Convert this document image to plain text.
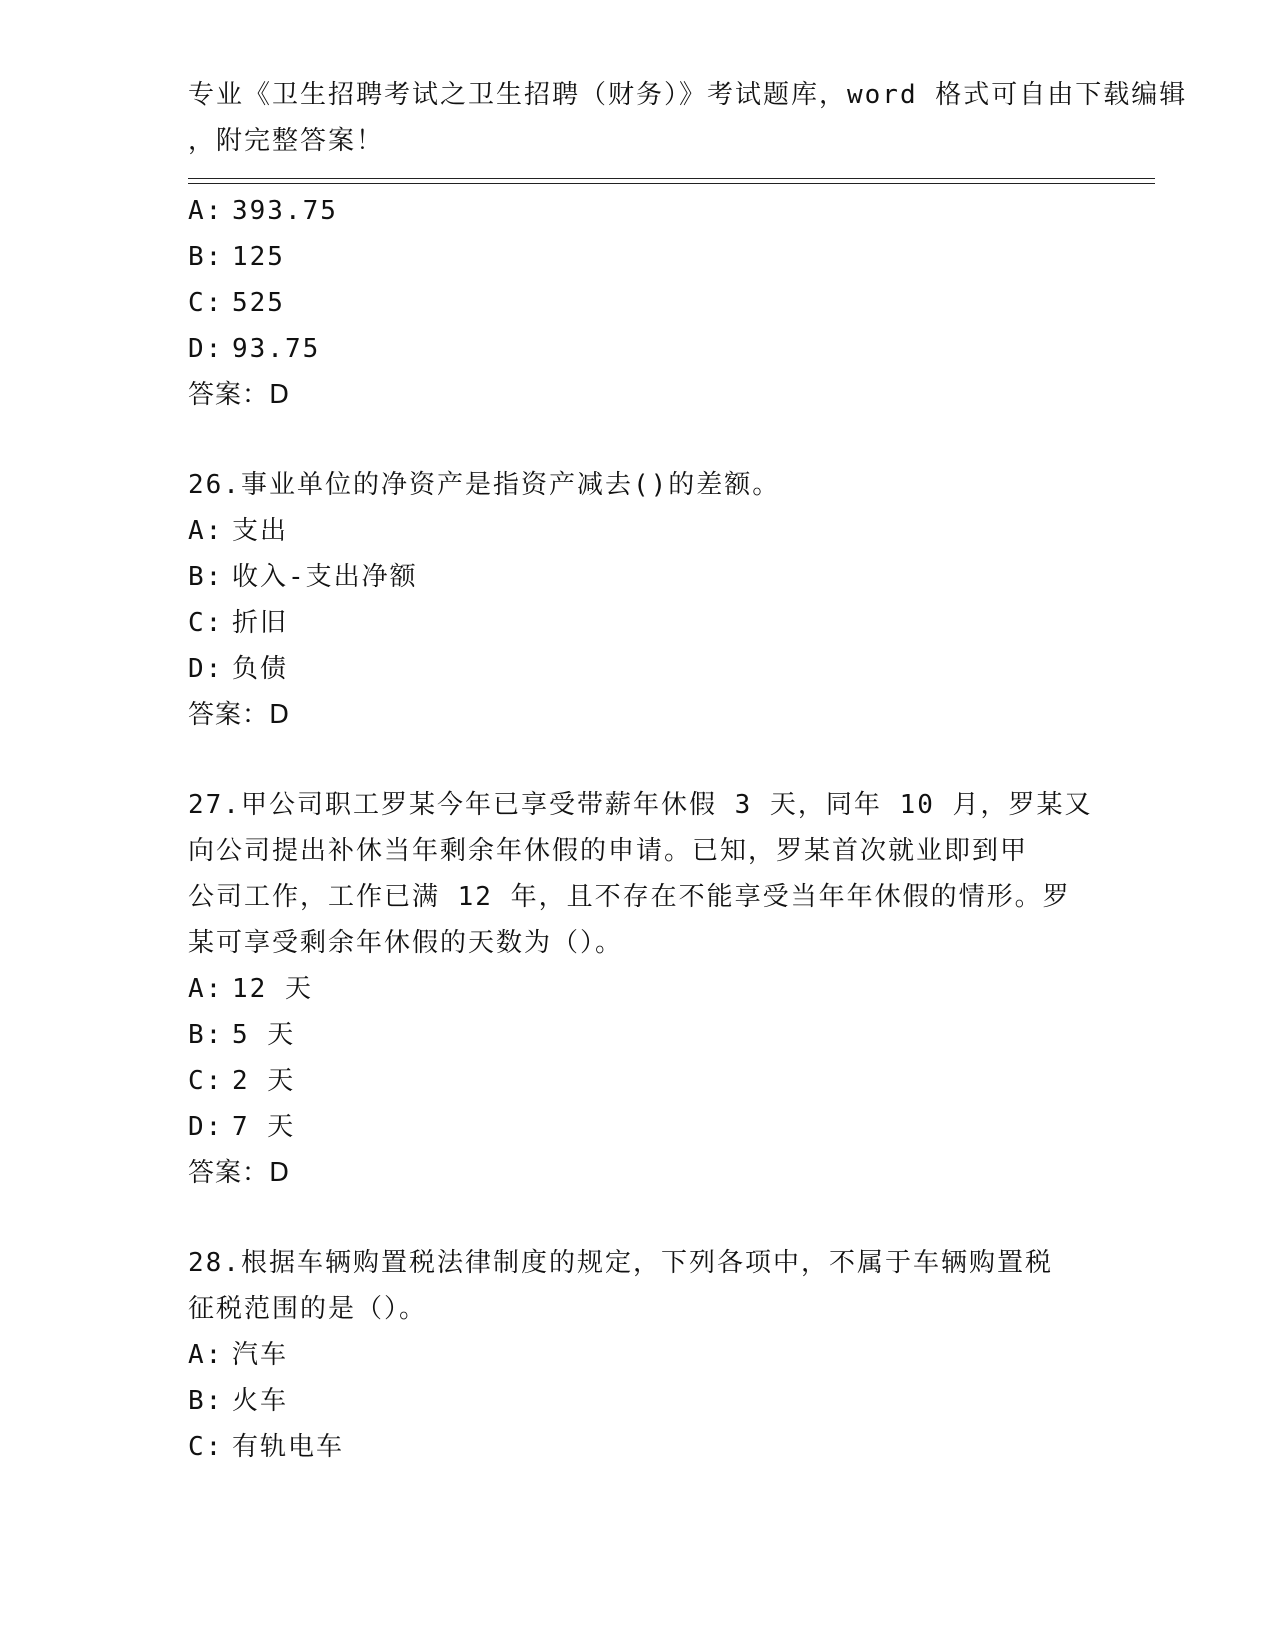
专业《卫生招聘考试之卫生招聘（财务）》考试题库，word 格式可自由下载编辑
，附完整答案！
A: 393.75
B: 125
C: 525
D: 93.75
答案：D
26.事业单位的净资产是指资产减去()的差额。
A: 支出
B: 收入-支出净额
C: 折旧
D: 负债
答案：D
27.甲公司职工罗某今年已享受带薪年休假 3 天，同年 10 月，罗某又
向公司提出补休当年剩余年休假的申请。已知，罗某首次就业即到甲
公司工作，工作已满 12 年，且不存在不能享受当年年休假的情形。罗
某可享受剩余年休假的天数为（）。
A: 12 天
B: 5 天
C: 2 天
D: 7 天
答案：D
28.根据车辆购置税法律制度的规定，下列各项中，不属于车辆购置税
征税范围的是（）。
A: 汽车
B: 火车
C: 有轨电车
